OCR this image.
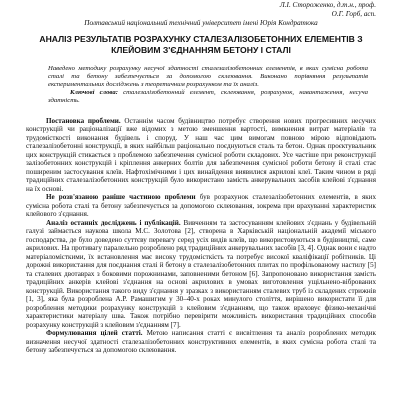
Л.І. Стороженко, д.т.н., проф.
О.Г. Горб, асп.
Полтавський національний технічний університет імені Юрія Кондратюка
АНАЛІЗ РЕЗУЛЬТАТІВ РОЗРАХУНКУ СТАЛЕЗАЛІЗОБЕТОННИХ ЕЛЕМЕНТІВ З КЛЕЙОВИМ З'ЄДНАННЯМ БЕТОНУ І СТАЛІ
Наведено методику розрахунку несучої здатності сталезалізобетонних елементів, в яких сумісна робота сталі та бетону забезпечується за допомогою склеювання. Виконано порівняння результатів експериментальних досліджень з теоретичним розрахунком та їх аналіз.
Ключові слова: сталезалізобетонний елемент, склеювання, розрахунок, навантаження, несуча здатність.

Постановка проблеми. Останнім часом будівництво потребує створення нових прогресивних несучих конструкцій чи раціоналізації вже відомих з метою зменшення вартості, вимкнення витрат матеріалів та трудомісткості виконання будівель і споруд. У наш час цим вимогам повною мірою відповідають сталезалізобетонні конструкції, в яких найбільш раціонально поєднуються сталь та бетон. Однак проєктувальник цих конструкцій стикається з проблемою забезпечення сумісної роботи складових. Усе частіше при реконструкції залізобетонних конструкцій і кріплення анкерних болтів для забезпечення сумісної роботи бетону й сталі стає поширеним застосування клеїв. Нафтохімічними і цих винайдення виявилися акрилові клеї. Таким чином в ряді традиційних сталезалізобетонних конструкцій було використано замість анкерувальних засобів клейові з'єднання на їх основі.

Не розв'язаною раніше частиною проблеми був розрахунок сталезалізобетонних елементів, в яких сумісна робота сталі та бетону забезпечується за допомогою склеювання, зокрема при врахуванні характеристик клейового з'єднання.

Аналіз останніх досліджень і публікацій. Вивченням та застосуванням клейових з'єднань у будівельній галузі займається наукова школа М.С. Золотова [2], створена в Харківській національній академії міського господарства, де було доведено суттєву перевагу серед усіх видів клеїв, що використовуються в будівництві, саме акрилових. На противагу паралельно розроблено ряд традиційних анкерувальних засобів [3, 4]. Однак вони є надто матеріаломісткими, їх встановлення має високу трудомісткість та потребує високої кваліфікації робітників. Ці дорожні використання для поєднання сталі й бетону в сталезалізобетонних плитах по профільованому настилу [5] та сталевих двотаврах з боковими порожнинами, заповненими бетоном [6]. Запропоновано використання замість традиційних анкерів клейові з'єднання на основі акрилових в умовах виготовлення ущільнено-віброваних конструкцій. Використання такого виду з'єднання у зразках з використанням сталевих труб із складених стрижнів [1, 3], яка була розроблена А.Р. Рамашигим у 30–40-х роках минулого століття, вирішено використати її для розроблення методики розрахунку конструкцій з клейовим з'єднанням, що також враховує фізико-механічні характеристики матеріалу шва. Також потрібно перевірити можливість використання традиційних способів розрахунку конструкцій з клейовим з'єднанням [7].

Формулювання цілей статті. Метою написання статті є висвітлення та аналіз розроблених методик визначення несучої здатності сталезалізобетонних конструктивних елементів, в яких сумісна робота сталі та бетону забезпечується за допомогою склеювання.
